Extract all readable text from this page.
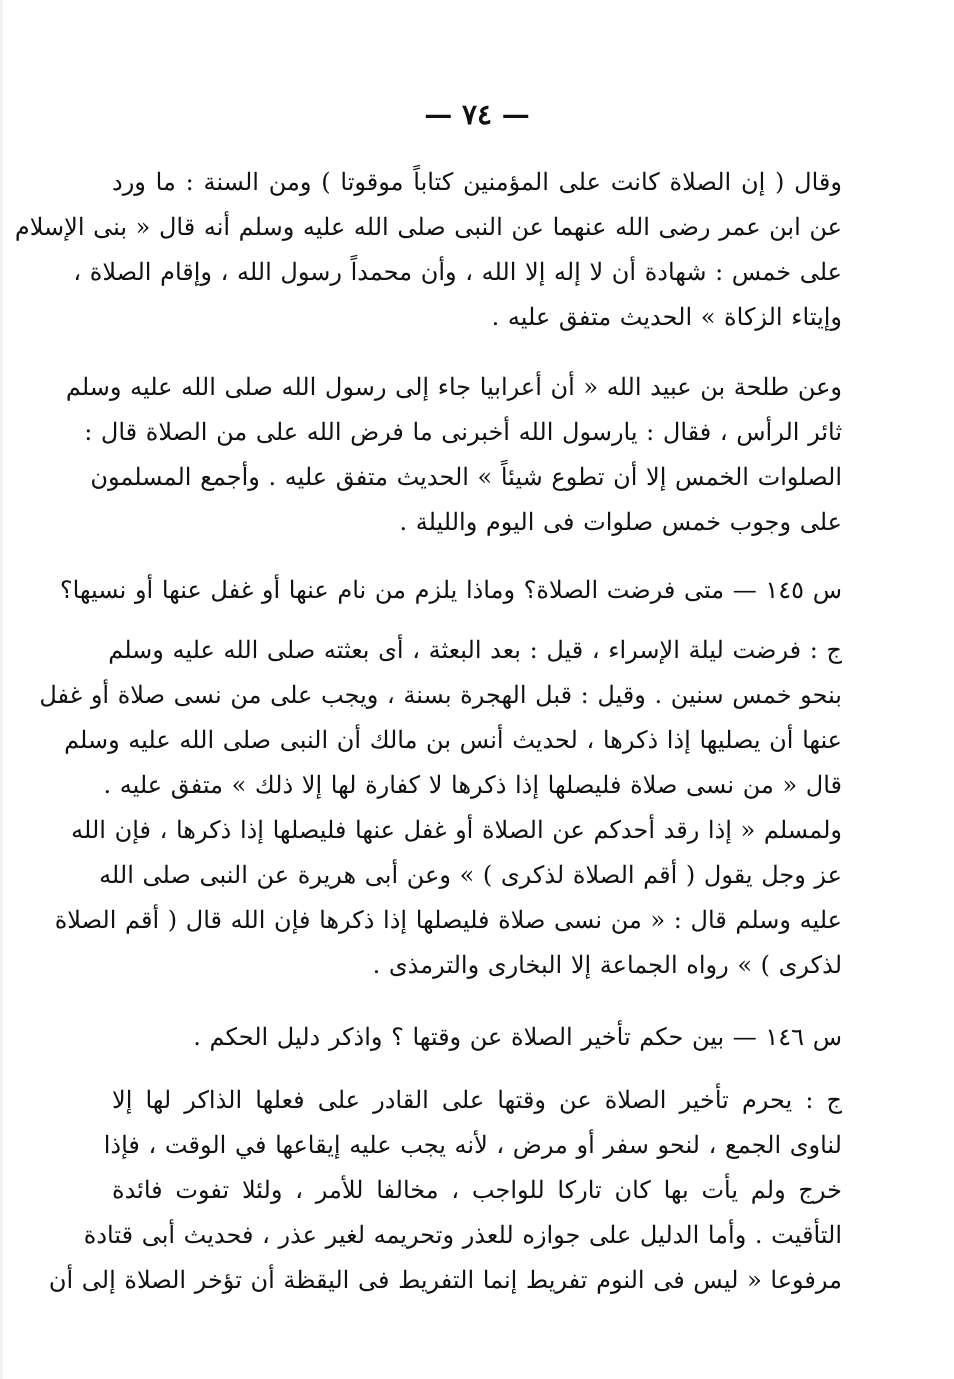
— ٧٤ —
وقال ( إن الصلاة كانت على المؤمنين كتاباً موقوتا ) ومن السنة : ما ورد
عن ابن عمر رضى الله عنهما عن النبى صلى الله عليه وسلم أنه قال « بنى الإسلام
على خمس : شهادة أن لا إله إلا الله ، وأن محمداً رسول الله ، وإقام الصلاة ،
وإيتاء الزكاة » الحديث متفق عليه .
وعن طلحة بن عبيد الله « أن أعرابيا جاء إلى رسول الله صلى الله عليه وسلم
ثائر الرأس ، فقال : يارسول الله أخبرنى ما فرض الله على من الصلاة قال :
الصلوات الخمس إلا أن تطوع شيئاً » الحديث متفق عليه . وأجمع المسلمون
على وجوب خمس صلوات فى اليوم والليلة .
س ١٤٥ — متى فرضت الصلاة؟ وماذا يلزم من نام عنها أو غفل عنها أو نسيها؟
ج : فرضت ليلة الإسراء ، قيل : بعد البعثة ، أى بعثته صلى الله عليه وسلم
بنحو خمس سنين . وقيل : قبل الهجرة بسنة ، ويجب على من نسى صلاة أو غفل
عنها أن يصليها إذا ذكرها ، لحديث أنس بن مالك أن النبى صلى الله عليه وسلم
قال « من نسى صلاة فليصلها إذا ذكرها لا كفارة لها إلا ذلك » متفق عليه .
ولمسلم « إذا رقد أحدكم عن الصلاة أو غفل عنها فليصلها إذا ذكرها ، فإن الله
عز وجل يقول ( أقم الصلاة لذكرى ) » وعن أبى هريرة عن النبى صلى الله
عليه وسلم قال : « من نسى صلاة فليصلها إذا ذكرها فإن الله قال ( أقم الصلاة
لذكرى ) » رواه الجماعة إلا البخارى والترمذى .
س ١٤٦ — بين حكم تأخير الصلاة عن وقتها ؟ واذكر دليل الحكم .
ج : يحرم تأخير الصلاة عن وقتها على القادر على فعلها الذاكر لها إلا
لناوى الجمع ، لنحو سفر أو مرض ، لأنه يجب عليه إيقاعها في الوقت ، فإذا
خرج ولم يأت بها كان تاركا للواجب ، مخالفا للأمر ، ولئلا تفوت فائدة
التأقيت . وأما الدليل على جوازه للعذر وتحريمه لغير عذر ، فحديث أبى قتادة
مرفوعا « ليس فى النوم تفريط إنما التفريط فى اليقظة أن تؤخر الصلاة إلى أن
